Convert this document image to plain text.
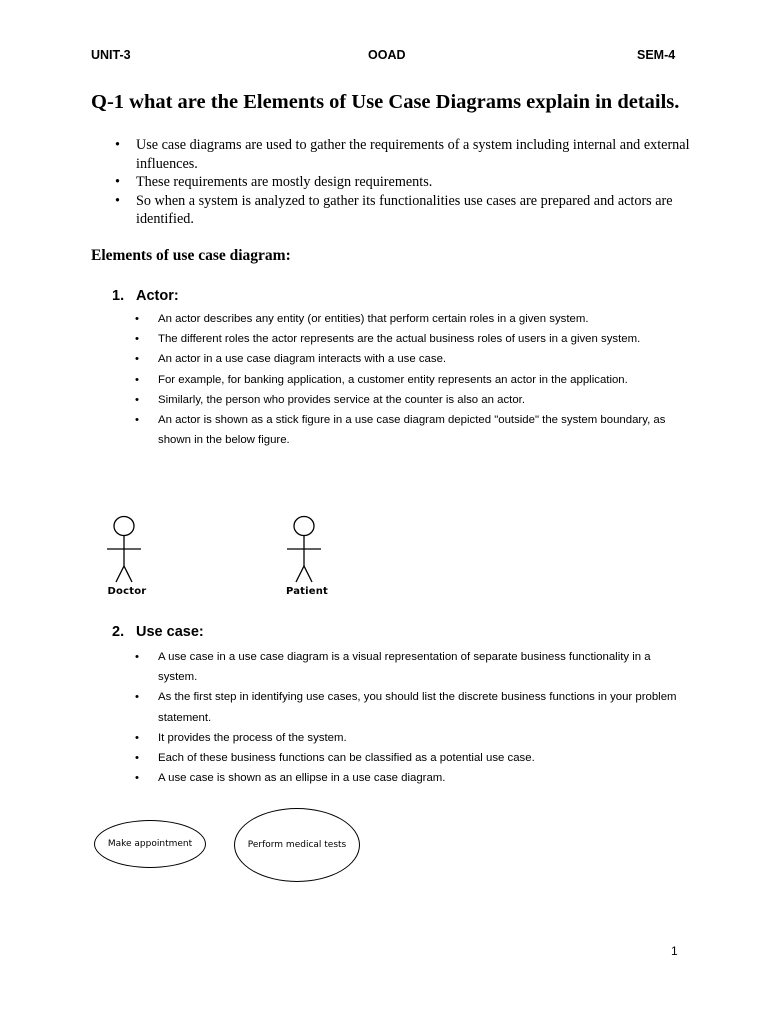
UNIT-3	OOAD	SEM-4
Q-1 what are the Elements of Use Case Diagrams explain in details.
• Use case diagrams are used to gather the requirements of a system including internal and external influences.
• These requirements are mostly design requirements.
• So when a system is analyzed to gather its functionalities use cases are prepared and actors are identified.
Elements of use case diagram:
1. Actor:
• An actor describes any entity (or entities) that perform certain roles in a given system.
• The different roles the actor represents are the actual business roles of users in a given system.
• An actor in a use case diagram interacts with a use case.
• For example, for banking application, a customer entity represents an actor in the application.
• Similarly, the person who provides service at the counter is also an actor.
• An actor is shown as a stick figure in a use case diagram depicted "outside" the system boundary, as shown in the below figure.
Doctor	Patient
2. Use case:
• A use case in a use case diagram is a visual representation of separate business functionality in a system.
• As the first step in identifying use cases, you should list the discrete business functions in your problem statement.
• It provides the process of the system.
• Each of these business functions can be classified as a potential use case.
• A use case is shown as an ellipse in a use case diagram.
Make appointment	Perform medical tests
1
